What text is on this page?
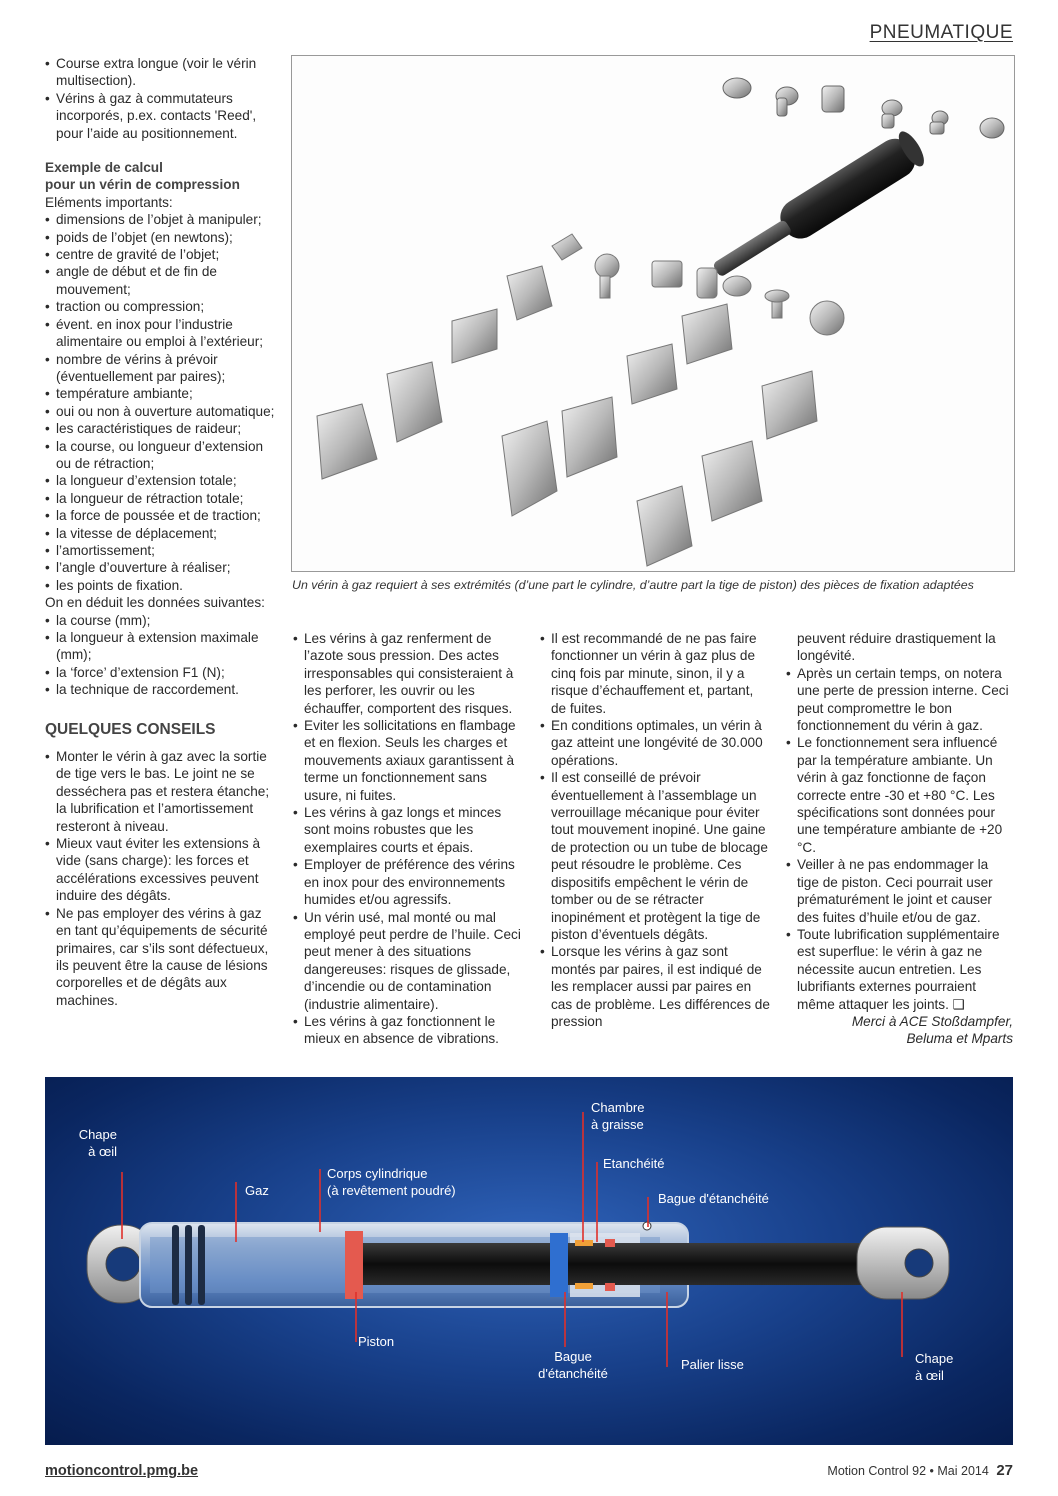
PNEUMATIQUE
• Course extra longue (voir le vérin multisection).
• Vérins à gaz à commutateurs incorporés, p.ex. contacts 'Reed', pour l’aide au positionnement.

Exemple de calcul

pour un vérin de compression

Eléments importants:

• dimensions de l’objet à manipuler;
• poids de l’objet (en newtons);
• centre de gravité de l’objet;
• angle de début et de fin de mouvement;
• traction ou compression;
• évent. en inox pour l’industrie alimentaire ou emploi à l’extérieur;
• nombre de vérins à prévoir (éventuellement par paires);
• température ambiante;
• oui ou non à ouverture automatique;
• les caractéristiques de raideur;
• la course, ou longueur d’extension ou de rétraction;
• la longueur d’extension totale;
• la longueur de rétraction totale;
• la force de poussée et de traction;
• la vitesse de déplacement;
• l’amortissement;
• l’angle d’ouverture à réaliser;
• les points de fixation.

On en déduit les données suivantes:

• la course (mm);
• la longueur à extension maximale (mm);
• la ‘force’ d’extension F1 (N);
• la technique de raccordement.

QUELQUES CONSEILS

• Monter le vérin à gaz avec la sortie de tige vers le bas. Le joint ne se desséchera pas et restera étanche; la lubrification et l’amortissement resteront à niveau.
• Mieux vaut éviter les extensions à vide (sans charge): les forces et accélérations excessives peuvent induire des dégâts.
• Ne pas employer des vérins à gaz en tant qu’équipements de sécurité primaires, car s’ils sont défectueux, ils peuvent être la cause de lésions corporelles et de dégâts aux machines.
Un vérin à gaz requiert à ses extrémités (d’une part le cylindre, d’autre part la tige de piston) des pièces de fixation adaptées
• Les vérins à gaz renferment de l’azote sous pression. Des actes irresponsables qui consisteraient à les perforer, les ouvrir ou les échauffer, comportent des risques.
• Eviter les sollicitations en flambage et en flexion. Seuls les charges et mouvements axiaux garantissent à terme un fonctionnement sans usure, ni fuites.
• Les vérins à gaz longs et minces sont moins robustes que les exemplaires courts et épais.
• Employer de préférence des vérins en inox pour des environnements humides et/ou agressifs.
• Un vérin usé, mal monté ou mal employé peut perdre de l’huile. Ceci peut mener à des situations dangereuses: risques de glissade, d’incendie ou de contamination (industrie alimentaire).
• Les vérins à gaz fonctionnent le mieux en absence de vibrations.
• Il est recommandé de ne pas faire fonctionner un vérin à gaz plus de cinq fois par minute, sinon, il y a risque d’échauffement et, partant, de fuites.
• En conditions optimales, un vérin à gaz atteint une longévité de 30.000 opérations.
• Il est conseillé de prévoir éventuellement à l’assemblage un verrouillage mécanique pour éviter tout mouvement inopiné. Une gaine de protection ou un tube de blocage peut résoudre le problème. Ces dispositifs empêchent le vérin de tomber ou de se rétracter inopinément et protègent la tige de piston d’éventuels dégâts.
• Lorsque les vérins à gaz sont montés par paires, il est indiqué de les remplacer aussi par paires en cas de problème. Les différences de pression

peuvent réduire drastiquement la longévité.

• Après un certain temps, on notera une perte de pression interne. Ceci peut compromettre le bon fonctionnement du vérin à gaz.
• Le fonctionnement sera influencé par la température ambiante. Un vérin à gaz fonctionne de façon correcte entre -30 et +80 °C. Les spécifications sont données pour une température ambiante de +20 °C.
• Veiller à ne pas endommager la tige de piston. Ceci pourrait user prématurément le joint et causer des fuites d’huile et/ou de gaz.
• Toute lubrification supplémentaire est superflue: le vérin à gaz ne nécessite aucun entretien. Les lubrifiants externes pourraient même attaquer les joints. ❑

Merci à ACE Stoßdampfer,

Beluma et Mparts

Chape
à œil
Gaz
Corps cylindrique
(à revêtement poudré)
Chambre
à graisse
Etanchéité
Bague d'étanchéité
Piston
Bague
d'étanchéité
Palier lisse	Chape
à œil
motioncontrol.pmg.be	Motion Control 92 • Mai 2014 27
